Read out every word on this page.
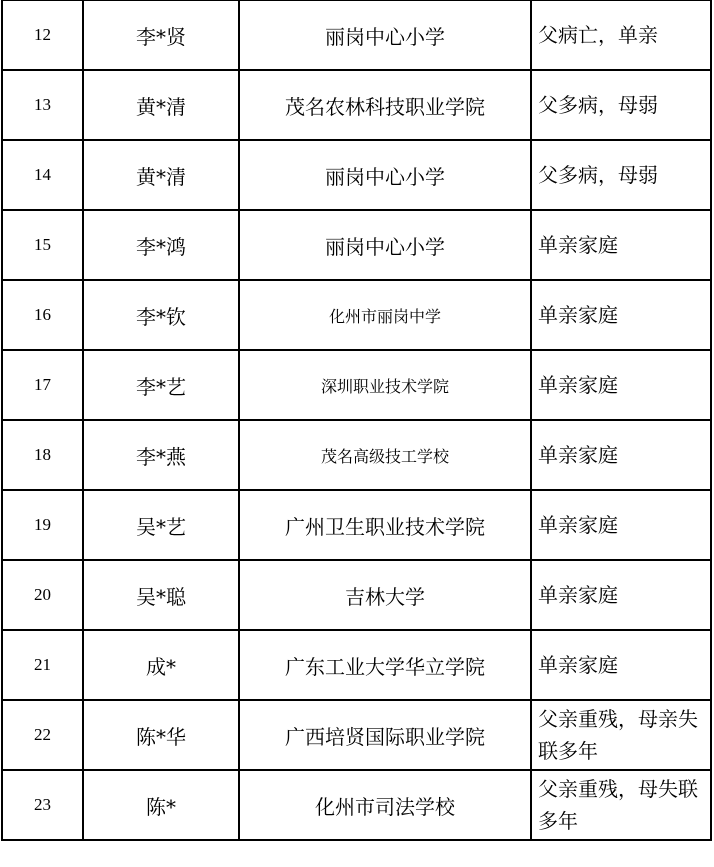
12	李*贤	丽岗中心小学	父病亡，单亲
13	黄*清	茂名农林科技职业学院	父多病，母弱
14	黄*清	丽岗中心小学	父多病，母弱
15	李*鸿	丽岗中心小学	单亲家庭
16	李*钦	化州市丽岗中学	单亲家庭
17	李*艺	深圳职业技术学院	单亲家庭
18	李*燕	茂名高级技工学校	单亲家庭
19	吴*艺	广州卫生职业技术学院	单亲家庭
20	吴*聪	吉林大学	单亲家庭
21	成*	广东工业大学华立学院	单亲家庭
22	陈*华	广西培贤国际职业学院	父亲重残，母亲失联多年
23	陈*	化州市司法学校	父亲重残，母失联多年
